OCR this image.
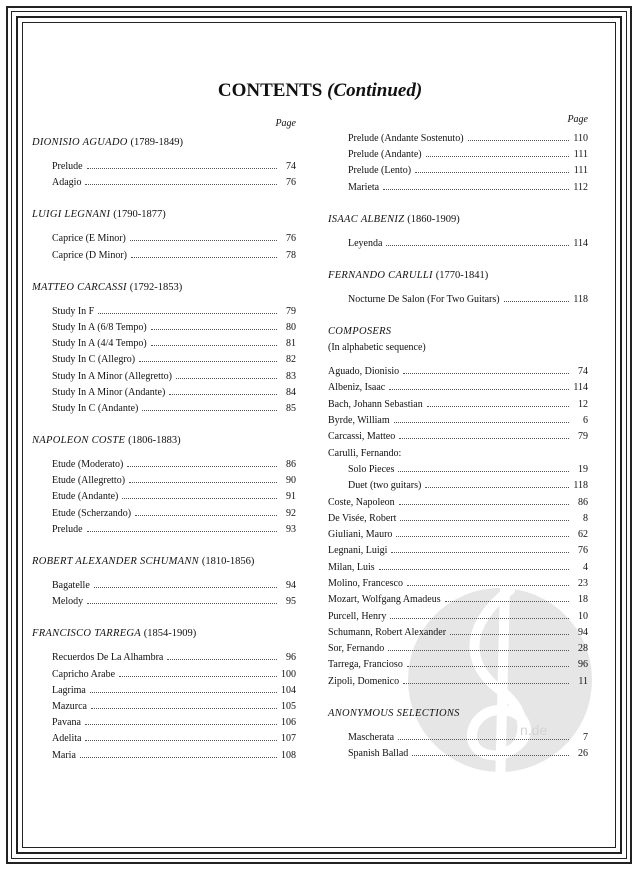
n.de
CONTENTS (Continued)
Page
DIONISIO AGUADO (1789-1849)
Prelude	74
Adagio	76
LUIGI LEGNANI (1790-1877)
Caprice (E Minor)	76
Caprice (D Minor)	78
MATTEO CARCASSI (1792-1853)
Study In F	79
Study In A (6/8 Tempo)	80
Study In A (4/4 Tempo)	81
Study In C (Allegro)	82
Study In A Minor (Allegretto)	83
Study In A Minor (Andante)	84
Study In C (Andante)	85
NAPOLEON COSTE (1806-1883)
Etude (Moderato)	86
Etude (Allegretto)	90
Etude (Andante)	91
Etude (Scherzando)	92
Prelude	93
ROBERT ALEXANDER SCHUMANN (1810-1856)
Bagatelle	94
Melody	95
FRANCISCO TARREGA (1854-1909)
Recuerdos De La Alhambra	96
Capricho Arabe	100
Lagrima	104
Mazurca	105
Pavana	106
Adelita	107
Maria	108
Page
Prelude (Andante Sostenuto)	110
Prelude (Andante)	111
Prelude (Lento)	111
Marieta	112
ISAAC ALBENIZ (1860-1909)
Leyenda	114
FERNANDO CARULLI (1770-1841)
Nocturne De Salon (For Two Guitars)	118
COMPOSERS
(In alphabetic sequence)
Aguado, Dionisio	74
Albeniz, Isaac	114
Bach, Johann Sebastian	12
Byrde, William	6
Carcassi, Matteo	79
Carulli, Fernando:
Solo Pieces	19
Duet (two guitars)	118
Coste, Napoleon	86
De Visée, Robert	8
Giuliani, Mauro	62
Legnani, Luigi	76
Milan, Luis	4
Molino, Francesco	23
Mozart, Wolfgang Amadeus	18
Purcell, Henry	10
Schumann, Robert Alexander	94
Sor, Fernando	28
Tarrega, Francioso	96
Zipoli, Domenico	11
ANONYMOUS SELECTIONS
Mascherata	7
Spanish Ballad	26
